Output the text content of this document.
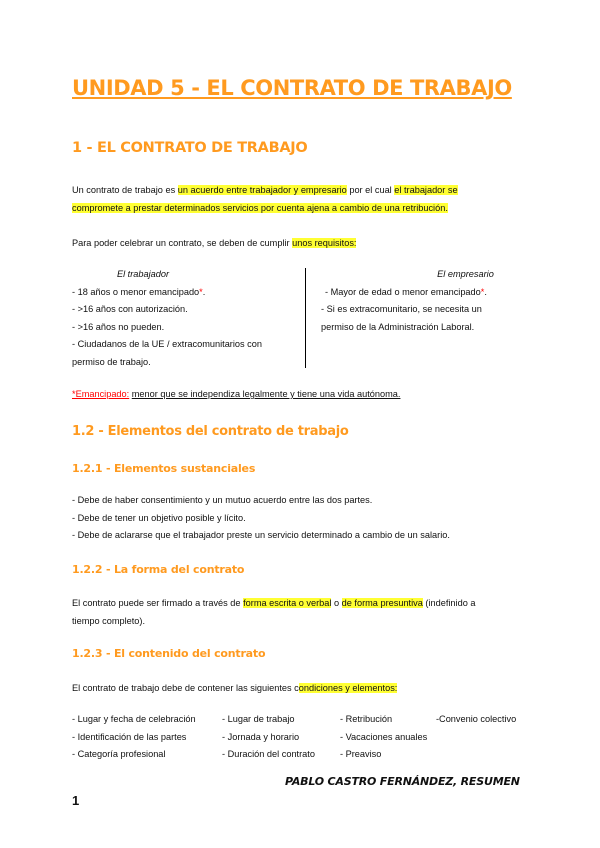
UNIDAD 5 - EL CONTRATO DE TRABAJO
1 - EL CONTRATO DE TRABAJO
Un contrato de trabajo es un acuerdo entre trabajador y empresario por el cual el trabajador se
compromete a prestar determinados servicios por cuenta ajena a cambio de una retribución.
Para poder celebrar un contrato, se deben de cumplir unos requisitos:
El trabajador
- 18 años o menor emancipado*.
- >16 años con autorización.
- >16 años no pueden.
- Ciudadanos de la UE / extracomunitarios con
permiso de trabajo.
El empresario
- Mayor de edad o menor emancipado*.
- Si es extracomunitario, se necesita un
permiso de la Administración Laboral.
*Emancipado: menor que se independiza legalmente y tiene una vida autónoma.
1.2 - Elementos del contrato de trabajo
1.2.1 - Elementos sustanciales
- Debe de haber consentimiento y un mutuo acuerdo entre las dos partes.
- Debe de tener un objetivo posible y lícito.
- Debe de aclararse que el trabajador preste un servicio determinado a cambio de un salario.
1.2.2 - La forma del contrato
El contrato puede ser firmado a través de forma escrita o verbal o de forma presuntiva (indefinido a
tiempo completo).
1.2.3 - El contenido del contrato
El contrato de trabajo debe de contener las siguientes condiciones y elementos:
- Lugar y fecha de celebración	- Lugar de trabajo	- Retribución	-Convenio colectivo
- Identificación de las partes	- Jornada y horario	- Vacaciones anuales
- Categoría profesional	- Duración del contrato	- Preaviso
PABLO CASTRO FERNÁNDEZ, RESUMEN
1
